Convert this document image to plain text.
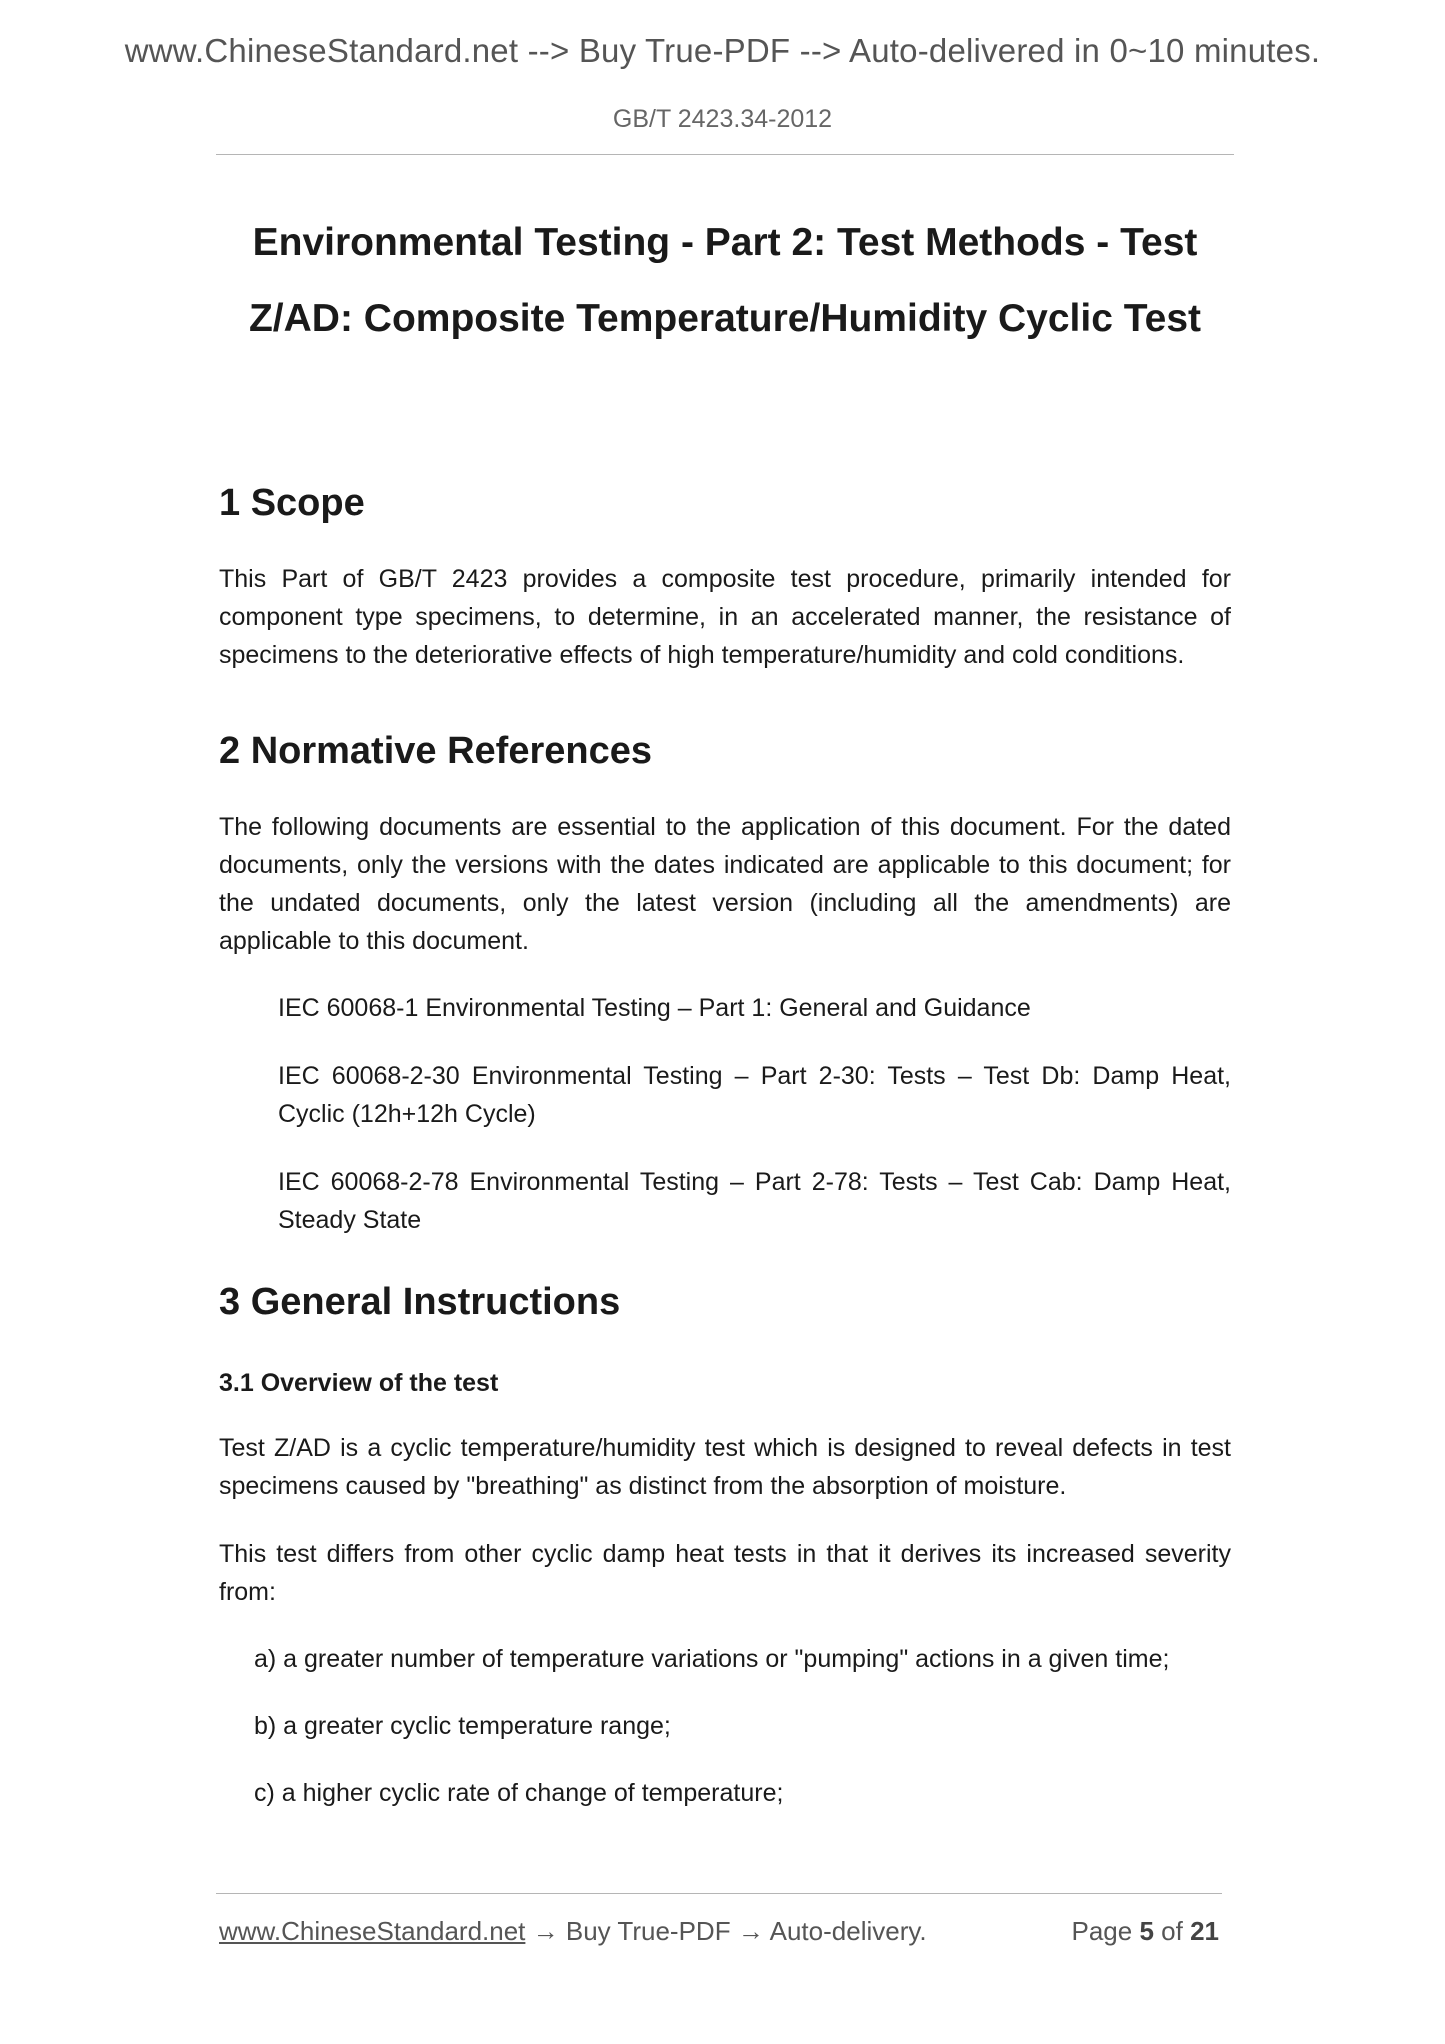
www.ChineseStandard.net --> Buy True-PDF --> Auto-delivered in 0~10 minutes.
GB/T 2423.34-2012
Environmental Testing - Part 2: Test Methods - Test
Z/AD: Composite Temperature/Humidity Cyclic Test
1 Scope

This Part of GB/T 2423 provides a composite test procedure, primarily intended for component type specimens, to determine, in an accelerated manner, the resistance of specimens to the deteriorative effects of high temperature/humidity and cold conditions.

2 Normative References

The following documents are essential to the application of this document. For the dated documents, only the versions with the dates indicated are applicable to this document; for the undated documents, only the latest version (including all the amendments) are applicable to this document.

IEC 60068-1 Environmental Testing – Part 1: General and Guidance

IEC 60068-2-30 Environmental Testing – Part 2-30: Tests – Test Db: Damp Heat, Cyclic (12h+12h Cycle)

IEC 60068-2-78 Environmental Testing – Part 2-78: Tests – Test Cab: Damp Heat, Steady State

3 General Instructions
3.1 Overview of the test

Test Z/AD is a cyclic temperature/humidity test which is designed to reveal defects in test specimens caused by "breathing" as distinct from the absorption of moisture.

This test differs from other cyclic damp heat tests in that it derives its increased severity from:

a) a greater number of temperature variations or "pumping" actions in a given time;

b) a greater cyclic temperature range;

c) a higher cyclic rate of change of temperature;

www.ChineseStandard.net → Buy True-PDF → Auto-delivery.	Page 5 of 21
